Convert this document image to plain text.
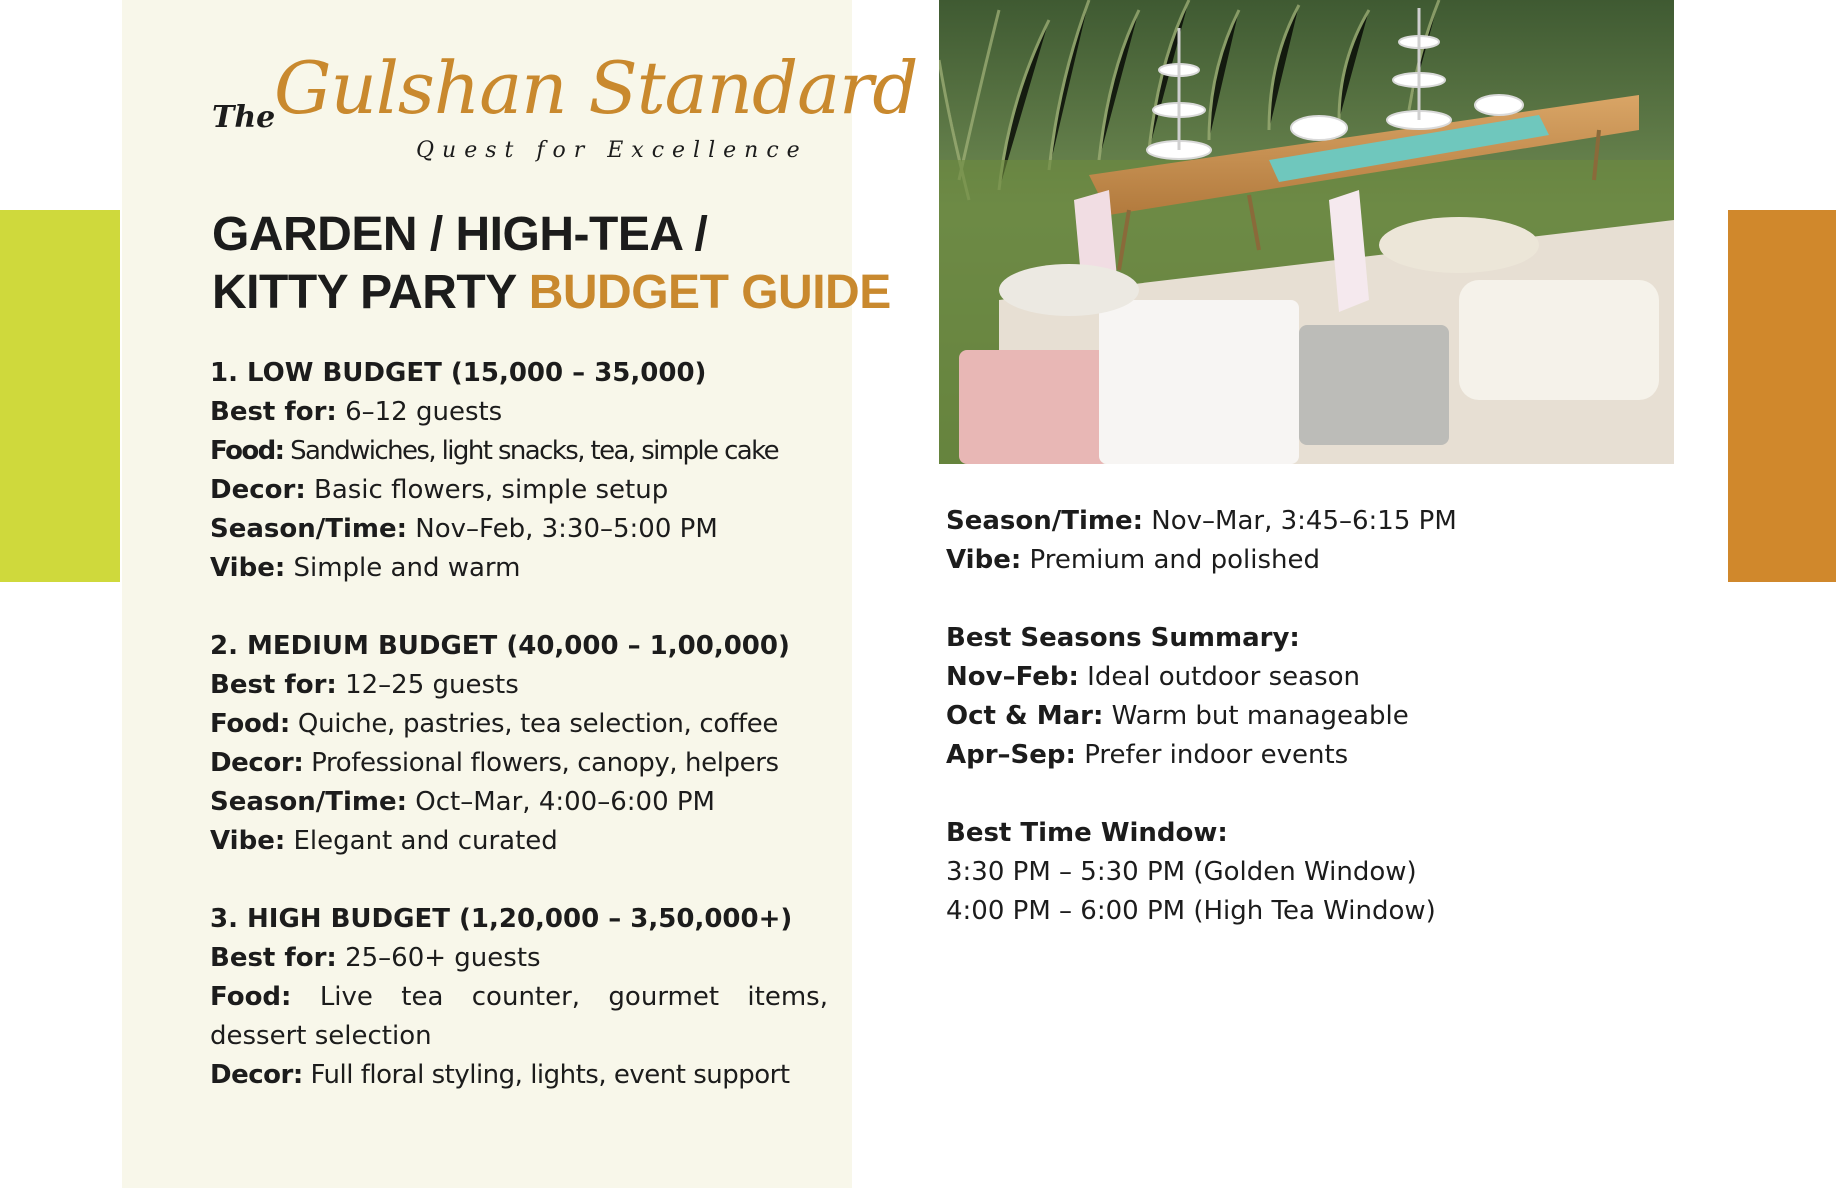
The
Gulshan Standard
Quest for Excellence
GARDEN / HIGH-TEA /
KITTY PARTY BUDGET GUIDE
1. LOW BUDGET (15,000 – 35,000)
Best for: 6–12 guests
Food: Sandwiches, light snacks, tea, simple cake
Decor: Basic flowers, simple setup
Season/Time: Nov–Feb, 3:30–5:00 PM
Vibe: Simple and warm
2. MEDIUM BUDGET (40,000 – 1,00,000)
Best for: 12–25 guests
Food: Quiche, pastries, tea selection, coffee
Decor: Professional flowers, canopy, helpers
Season/Time: Oct–Mar, 4:00–6:00 PM
Vibe: Elegant and curated
3. HIGH BUDGET (1,20,000 – 3,50,000+)
Best for: 25–60+ guests
Food: Live tea counter, gourmet items, dessert selection
Decor: Full floral styling, lights, event support
Season/Time: Nov–Mar, 3:45–6:15 PM
Vibe: Premium and polished
Best Seasons Summary:
Nov–Feb: Ideal outdoor season
Oct & Mar: Warm but manageable
Apr–Sep: Prefer indoor events
Best Time Window:
3:30 PM – 5:30 PM (Golden Window)
4:00 PM – 6:00 PM (High Tea Window)
